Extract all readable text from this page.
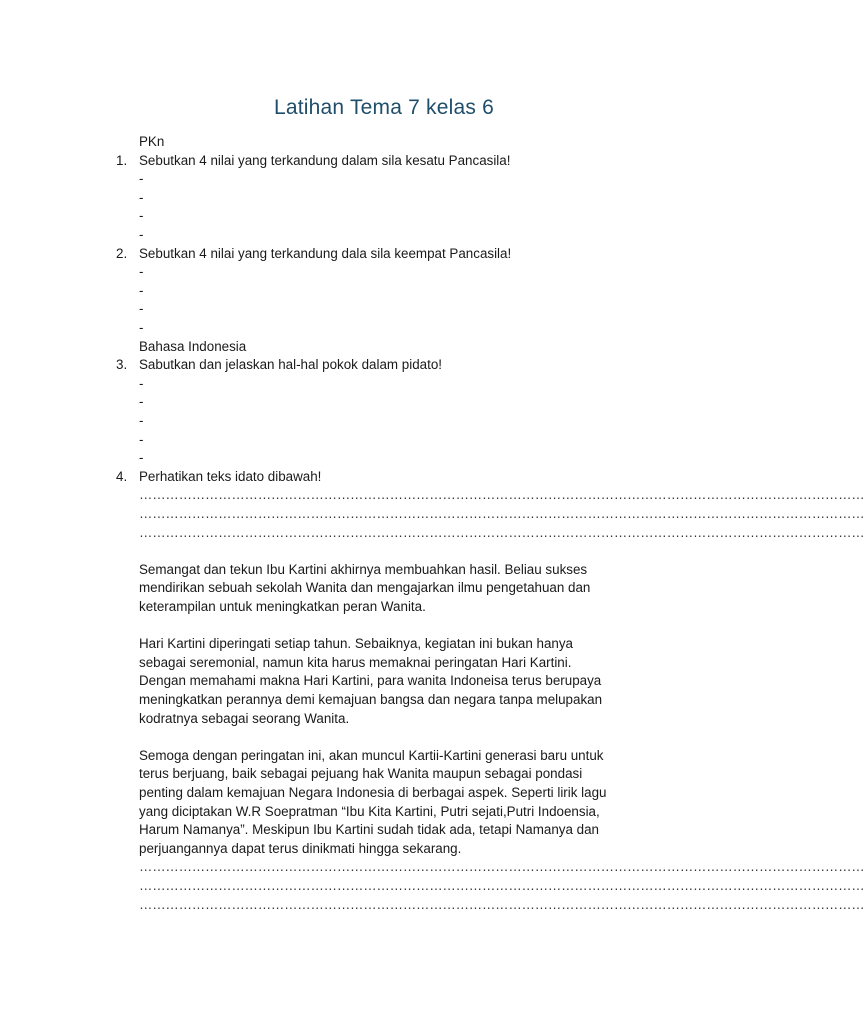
Latihan Tema 7 kelas 6
PKn
1. Sebutkan 4 nilai yang terkandung dalam sila kesatu Pancasila!
-
-
-
-
2. Sebutkan 4 nilai yang terkandung dala sila keempat Pancasila!
-
-
-
-
Bahasa Indonesia
3. Sabutkan dan jelaskan hal-hal pokok dalam pidato!
-
-
-
-
-
4. Perhatikan teks idato dibawah!
…………………………………………………………………………………………………………………………………………………
…………………………………………………………………………………………………………………………………………………
…………………………………………………………………………………………………………………………………………………

Semangat dan tekun Ibu Kartini akhirnya membuahkan hasil. Beliau sukses

mendirikan sebuah sekolah Wanita dan mengajarkan ilmu pengetahuan dan

keterampilan untuk meningkatkan peran Wanita.

Hari Kartini diperingati setiap tahun. Sebaiknya, kegiatan ini bukan hanya

sebagai seremonial, namun kita harus memaknai peringatan Hari Kartini.

Dengan memahami makna Hari Kartini, para wanita Indoneisa terus berupaya

meningkatkan perannya demi kemajuan bangsa dan negara tanpa melupakan

kodratnya sebagai seorang Wanita.

Semoga dengan peringatan ini, akan muncul Kartii-Kartini generasi baru untuk

terus berjuang, baik sebagai pejuang hak Wanita maupun sebagai pondasi

penting dalam kemajuan Negara Indonesia di berbagai aspek. Seperti lirik lagu

yang diciptakan W.R Soepratman “Ibu Kita Kartini, Putri sejati,Putri Indoensia,

Harum Namanya”. Meskipun Ibu Kartini sudah tidak ada, tetapi Namanya dan

perjuangannya dapat terus dinikmati hingga sekarang.

…………………………………………………………………………………………………………………………………………………
…………………………………………………………………………………………………………………………………………………
…………………………………………………………………………………………………………………………………………………
